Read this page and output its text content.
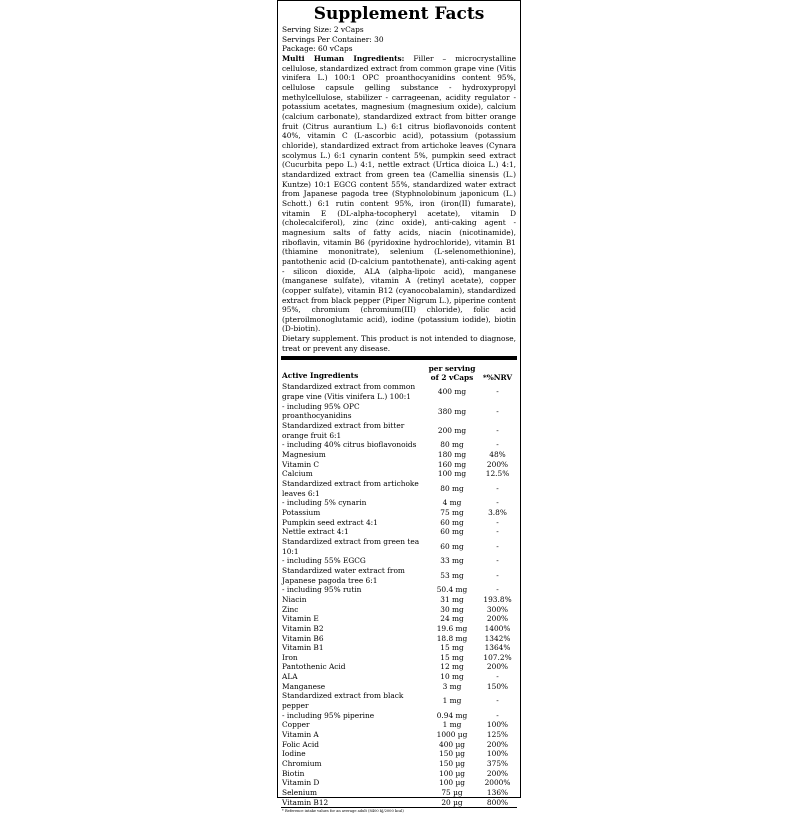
Supplement Facts
Serving Size: 2 vCaps
Servings Per Container: 30
Package: 60 vCaps
Multi Human Ingredients: Filler – microcrystalline cellulose, standardized extract from common grape vine (Vitis vinifera L.) 100:1 OPC proanthocyanidins content 95%, cellulose capsule gelling substance - hydroxypropyl methylcellulose, stabilizer - carrageenan, acidity regulator - potassium acetates, magnesium (magnesium oxide), calcium (calcium carbonate), standardized extract from bitter orange fruit (Citrus aurantium L.) 6:1 citrus bioflavonoids content 40%, vitamin C (L-ascorbic acid), potassium (potassium chloride), standardized extract from artichoke leaves (Cynara scolymus L.) 6:1 cynarin content 5%, pumpkin seed extract (Cucurbita pepo L.) 4:1, nettle extract (Urtica dioica L.) 4:1, standardized extract from green tea (Camellia sinensis (L.) Kuntze) 10:1 EGCG content 55%, standardized water extract from Japanese pagoda tree (Styphnolobinum japonicum (L.) Schott.) 6:1 rutin content 95%, iron (iron(II) fumarate), vitamin E (DL-alpha-tocopheryl acetate), vitamin D (cholecalciferol), zinc (zinc oxide), anti-caking agent - magnesium salts of fatty acids, niacin (nicotinamide), riboflavin, vitamin B6 (pyridoxine hydrochloride), vitamin B1 (thiamine mononitrate), selenium (L-selenomethionine), pantothenic acid (D-calcium pantothenate), anti-caking agent - silicon dioxide, ALA (alpha-lipoic acid), manganese (manganese sulfate), vitamin A (retinyl acetate), copper (copper sulfate), vitamin B12 (cyanocobalamin), standardized extract from black pepper (Piper Nigrum L.), piperine content 95%, chromium (chromium(III) chloride), folic acid (pteroilmonoglutamic acid), iodine (potassium iodide), biotin (D-biotin).
Dietary supplement. This product is not intended to diagnose, treat or prevent any disease.
Active Ingredients	per serving of 2 vCaps	*%NRV
Standardized extract from common grape vine (Vitis vinifera L.) 100:1	400 mg	-
- including 95% OPC proanthocyanidins	380 mg	-
Standardized extract from bitter orange fruit 6:1	200 mg	-
- including 40% citrus bioflavonoids	80 mg	-
Magnesium	180 mg	48%
Vitamin C	160 mg	200%
Calcium	100 mg	12.5%
Standardized extract from artichoke leaves 6:1	80 mg	-
- including 5% cynarin	4 mg	-
Potassium	75 mg	3.8%
Pumpkin seed extract 4:1	60 mg	-
Nettle extract 4:1	60 mg	-
Standardized extract from green tea 10:1	60 mg	-
- including 55% EGCG	33 mg	-
Standardized water extract from Japanese pagoda tree 6:1	53 mg	-
- including 95% rutin	50.4 mg	-
Niacin	31 mg	193.8%
Zinc	30 mg	300%
Vitamin E	24 mg	200%
Vitamin B2	19.6 mg	1400%
Vitamin B6	18.8 mg	1342%
Vitamin B1	15 mg	1364%
Iron	15 mg	107.2%
Pantothenic Acid	12 mg	200%
ALA	10 mg	-
Manganese	3 mg	150%
Standardized extract from black pepper	1 mg	-
- including 95% piperine	0.94 mg	-
Copper	1 mg	100%
Vitamin A	1000 µg	125%
Folic Acid	400 µg	200%
Iodine	150 µg	100%
Chromium	150 µg	375%
Biotin	100 µg	200%
Vitamin D	100 µg	2000%
Selenium	75 µg	136%
Vitamin B12	20 µg	800%
* Reference intake values for an average adult (8400 kJ/2000 kcal)
